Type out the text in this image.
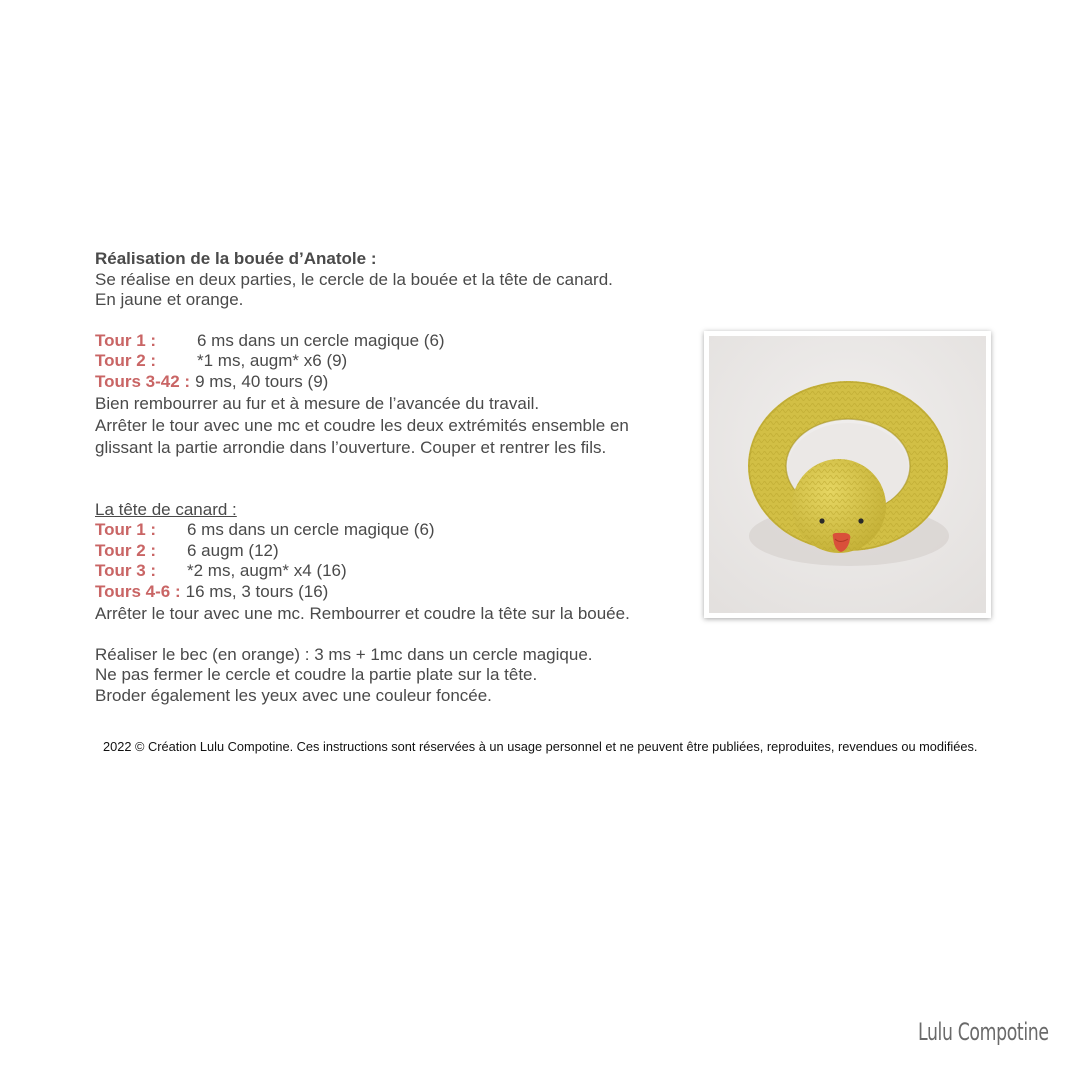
Réalisation de la bouée d’Anatole :

Se réalise en deux parties, le cercle de la bouée et la tête de canard.

En jaune et orange.

Tour 1 :	6 ms dans un cercle magique (6)
Tour 2 :	*1 ms, augm* x6 (9)
Tours 3-42 : 9 ms, 40 tours (9)

Bien rembourrer au fur et à mesure de l’avancée du travail.

Arrêter le tour avec une mc et coudre les deux extrémités ensemble en glissant la partie arrondie dans l’ouverture. Couper et rentrer les fils.

La tête de canard :

Tour 1 :	6 ms dans un cercle magique (6)
Tour 2 :	6 augm (12)
Tour 3 :	*2 ms, augm* x4 (16)
Tours 4-6 : 16 ms, 3 tours (16)

Arrêter le tour avec une mc. Rembourrer et coudre la tête sur la bouée.

Réaliser le bec (en orange) : 3 ms + 1mc dans un cercle magique.

Ne pas fermer le cercle et coudre la partie plate sur la tête.

Broder également les yeux avec une couleur foncée.

2022 © Création Lulu Compotine. Ces instructions sont réservées à un usage personnel et ne peuvent être publiées, reproduites, revendues ou modifiées.
Lulu Compotine
